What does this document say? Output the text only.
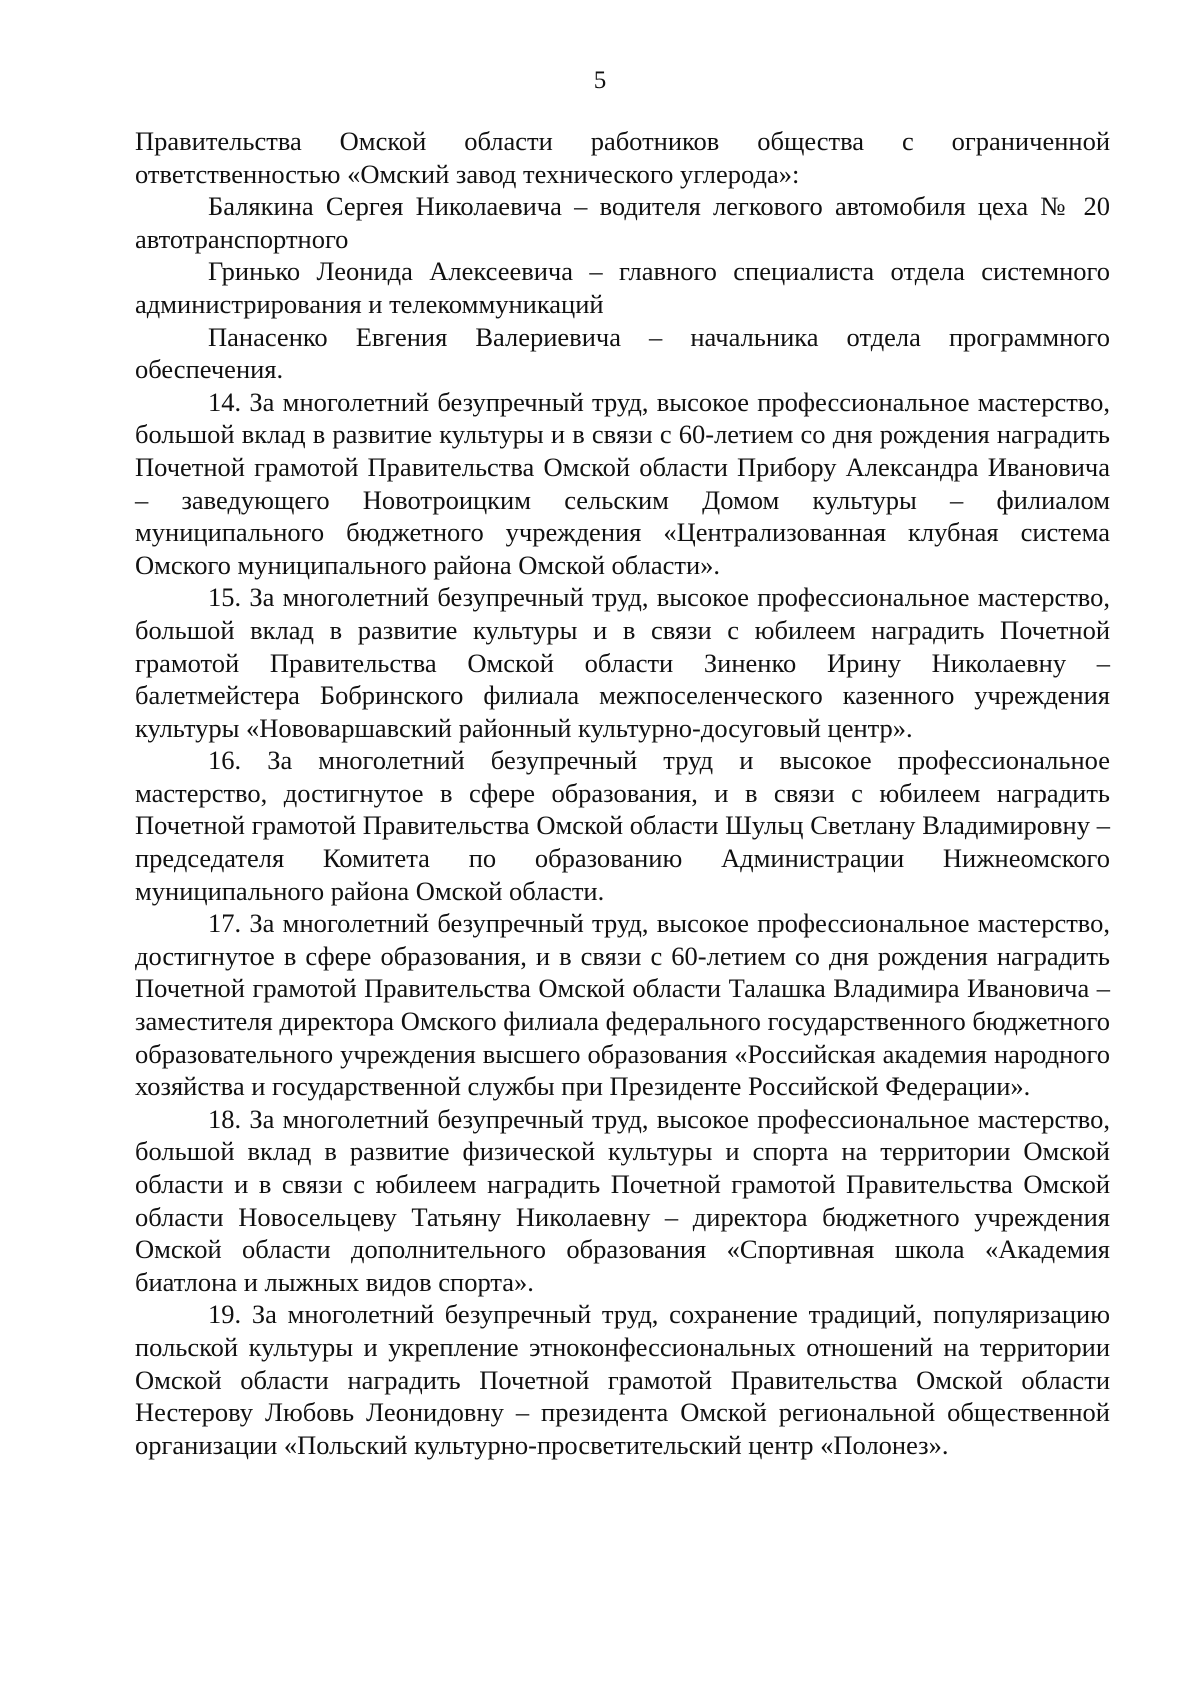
5

Правительства Омской области работников общества с ограниченной ответственностью «Омский завод технического углерода»:

Балякина Сергея Николаевича – водителя легкового автомобиля цеха № 20 автотранспортного

Гринько Леонида Алексеевича – главного специалиста отдела системного администрирования и телекоммуникаций

Панасенко Евгения Валериевича – начальника отдела программного обеспечения.

14. За многолетний безупречный труд, высокое профессиональное мастерство, большой вклад в развитие культуры и в связи с 60-летием со дня рождения наградить Почетной грамотой Правительства Омской области Прибору Александра Ивановича – заведующего Новотроицким сельским Домом культуры – филиалом муниципального бюджетного учреждения «Централизованная клубная система Омского муниципального района Омской области».

15. За многолетний безупречный труд, высокое профессиональное мастерство, большой вклад в развитие культуры и в связи с юбилеем наградить Почетной грамотой Правительства Омской области Зиненко Ирину Николаевну – балетмейстера Бобринского филиала межпоселенческого казенного учреждения культуры «Нововаршавский районный культурно-досуговый центр».

16. За многолетний безупречный труд и высокое профессиональное мастерство, достигнутое в сфере образования, и в связи с юбилеем наградить Почетной грамотой Правительства Омской области Шульц Светлану Владимировну – председателя Комитета по образованию Администрации Нижнеомского муниципального района Омской области.

17. За многолетний безупречный труд, высокое профессиональное мастерство, достигнутое в сфере образования, и в связи с 60-летием со дня рождения наградить Почетной грамотой Правительства Омской области Талашка Владимира Ивановича – заместителя директора Омского филиала федерального государственного бюджетного образовательного учреждения высшего образования «Российская академия народного хозяйства и государственной службы при Президенте Российской Федерации».

18. За многолетний безупречный труд, высокое профессиональное мастерство, большой вклад в развитие физической культуры и спорта на территории Омской области и в связи с юбилеем наградить Почетной грамотой Правительства Омской области Новосельцеву Татьяну Николаевну – директора бюджетного учреждения Омской области дополнительного образования «Спортивная школа «Академия биатлона и лыжных видов спорта».

19. За многолетний безупречный труд, сохранение традиций, популяризацию польской культуры и укрепление этноконфессиональных отношений на территории Омской области наградить Почетной грамотой Правительства Омской области Нестерову Любовь Леонидовну – президента Омской региональной общественной организации «Польский культурно-просветительский центр «Полонез».
